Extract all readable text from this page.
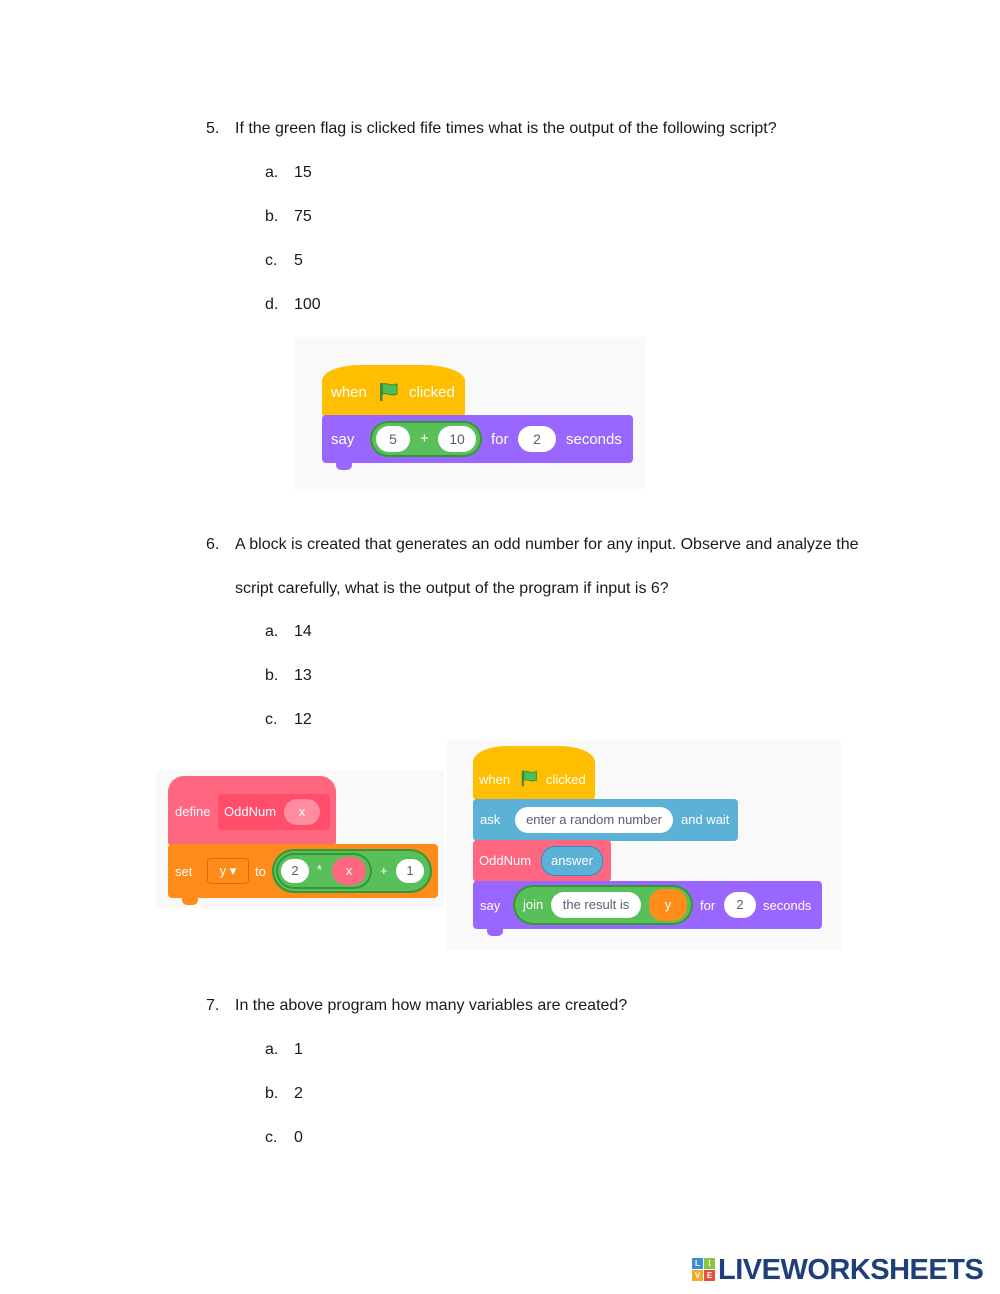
5. If the green flag is clicked fife times what is the output of the following script?
a. 15
b. 75
c. 5
d. 100
when	clicked
say	5	+	10	for	2	seconds
6. A block is created that generates an odd number for any input. Observe and analyze the
script carefully, what is the output of the program if input is 6?
a. 14
b. 13
c. 12
define OddNum	x
set	y ▾	to	2	*	x	+	1
when	clicked
ask	enter a random number	and wait
OddNum	answer
say join	the result is	y	for	2	seconds
7. In the above program how many variables are created?
a. 1
b. 2
c. 0
L	I
V E LIVEWORKSHEETS
